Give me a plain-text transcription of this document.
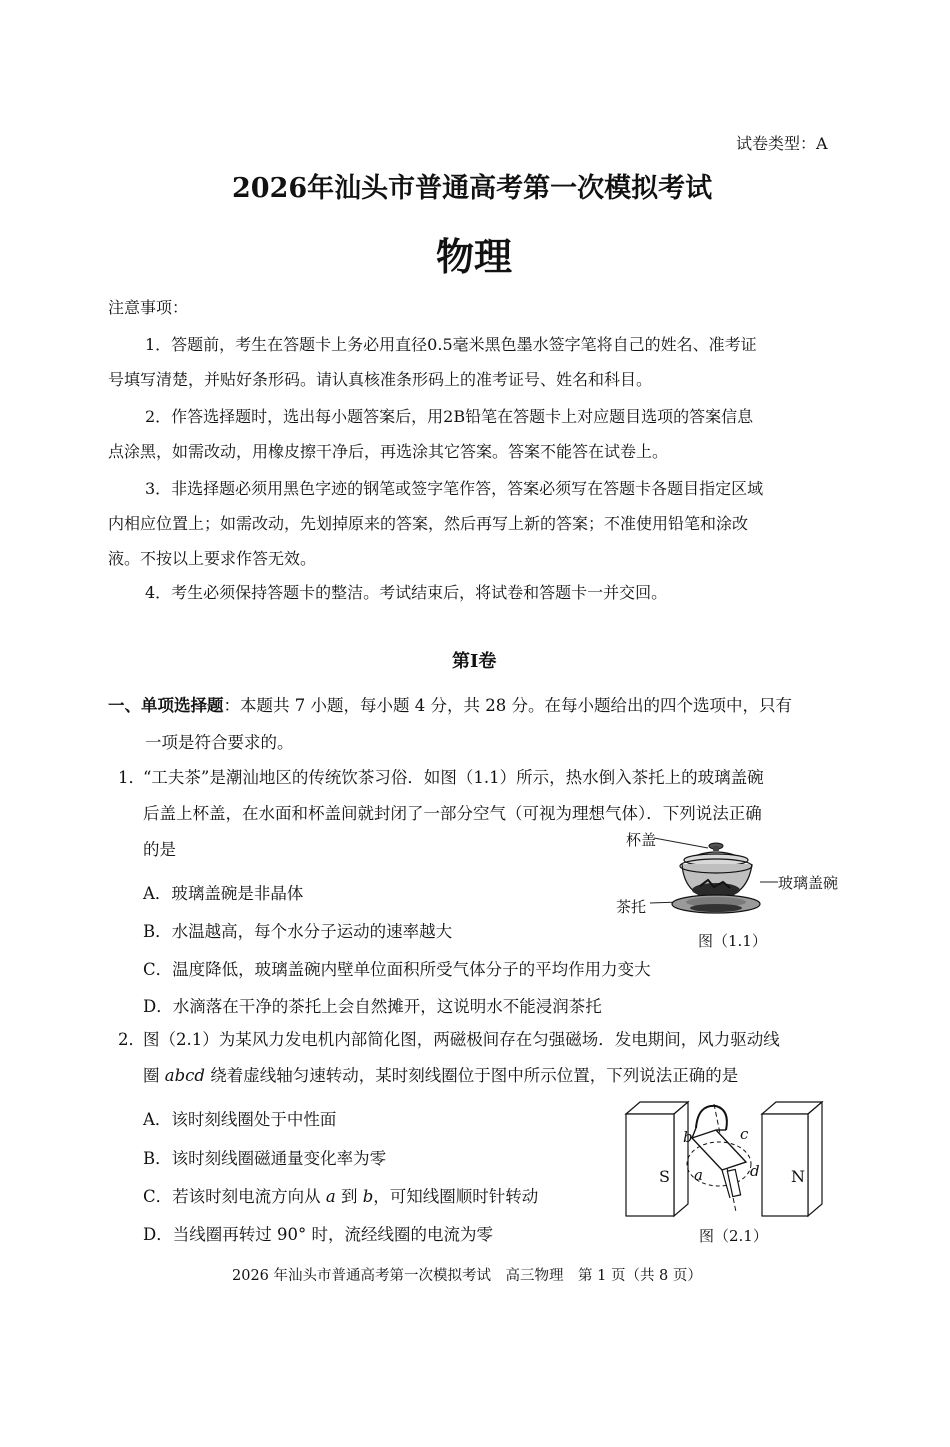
试卷类型：A
2026年汕头市普通高考第一次模拟考试
物理
注意事项：
1．答题前，考生在答题卡上务必用直径0.5毫米黑色墨水签字笔将自己的姓名、准考证
号填写清楚，并贴好条形码。请认真核准条形码上的准考证号、姓名和科目。
2．作答选择题时，选出每小题答案后，用2B铅笔在答题卡上对应题目选项的答案信息
点涂黑，如需改动，用橡皮擦干净后，再选涂其它答案。答案不能答在试卷上。
3．非选择题必须用黑色字迹的钢笔或签字笔作答，答案必须写在答题卡各题目指定区域
内相应位置上；如需改动，先划掉原来的答案，然后再写上新的答案；不准使用铅笔和涂改
液。不按以上要求作答无效。
4．考生必须保持答题卡的整洁。考试结束后，将试卷和答题卡一并交回。
第Ⅰ卷
一、单项选择题：本题共 7 小题，每小题 4 分，共 28 分。在每小题给出的四个选项中，只有
一项是符合要求的。
1．
“工夫茶”是潮汕地区的传统饮茶习俗．如图（1.1）所示，热水倒入茶托上的玻璃盖碗
后盖上杯盖，在水面和杯盖间就封闭了一部分空气（可视为理想气体）．下列说法正确
的是
A．玻璃盖碗是非晶体
B．水温越高，每个水分子运动的速率越大
C．温度降低，玻璃盖碗内壁单位面积所受气体分子的平均作用力变大
D．水滴落在干净的茶托上会自然摊开，这说明水不能浸润茶托
杯盖
玻璃盖碗
茶托
图（1.1）
2．
图（2.1）为某风力发电机内部简化图，两磁极间存在匀强磁场．发电期间，风力驱动线
圈 abcd 绕着虚线轴匀速转动，某时刻线圈位于图中所示位置，下列说法正确的是
A．该时刻线圈处于中性面
B．该时刻线圈磁通量变化率为零
C．若该时刻电流方向从 a 到 b，可知线圈顺时针转动
D．当线圈再转过 90° 时，流经线圈的电流为零
S	N
b	c
a	d
图（2.1）
2026 年汕头市普通高考第一次模拟考试　高三物理　第 1 页（共 8 页）
